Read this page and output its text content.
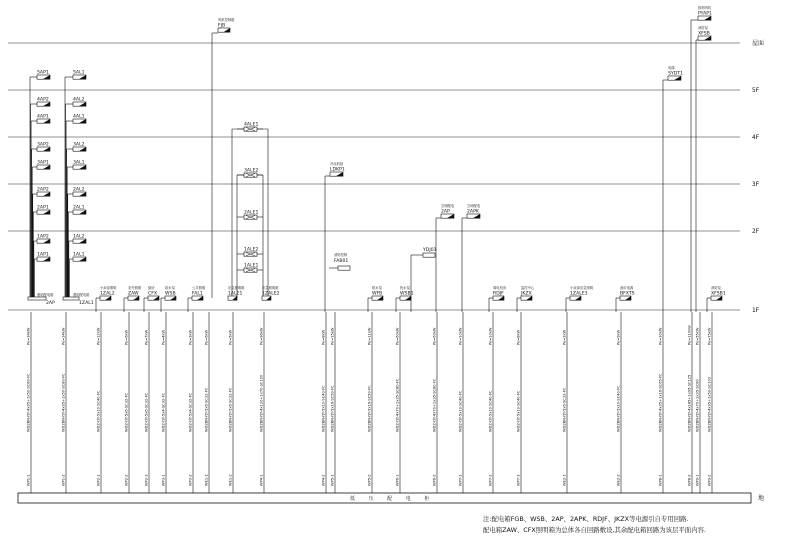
屋面
5F
4F
3F
2F
1F
5AP1
4AP2
4AP1
3AP2
3AP1
2AP2
2AP1
1AP2
1AP1
2AP
照明配电箱
5AL1
4AL2
4AL1
3AL2
3AL1
2AL2
2AL1
1AL2
1AL1
1ZAL1
照明配电箱
4ALE1
3ALE2
2ALE1
1ALE2
1ALE1
1ALE1	1ZALE2
应急照明箱
应急照明箱
FJB
风机控制箱
PYAP1
排烟风机
XFSB
消防泵
SYDT1
电梯
LDKP1
冷冻机组
2AP
空调配电
2APK
空调配电
YDJ01
FAB01
消防控制
1ZAL2
小卖部照明
ZAW
室外照明
CFX
厨房
WSB
给水泵
FAL1
公共照明
WFB
排水泵
WSB1
热水泵
RDJF
弱电机房
JKZX
监控中心
1ZALE3
小卖部应急照明
BFXTS
备用电源
XFSB1
消防泵
Pe=34kW
WDZBN-YJY-4x95+1x50-SC80-FC
WP1-1
Pe=34kW
WDZBN-YJY-4x95+1x50-SC80-FC
WP1-2
Pe=12kW
WDZ-YJY-5x10-SC40-FC
WP2-1
Pe=6kW
WDZ-YJY-5x6-SC32-FC
WP2-2
Pe=7kW
WDZ-YJY-5x6-SC32-FC
WP2-3
Pe=4kW
WDZ-YJY-5x4-SC32-FC
WP3-1
Pe=3kW
WDZ-YJY-5x4-SC32-FC
WP3-2
Pe=6kW
WDZBN-YJY-5x6-SC32-FC
WE1-1
Pe=5kW
WDZBN-YJY-5x6-SC32-FC
WE1-2
Pe=96kW
WDZBN-YJY-4x120+1x70-SC100
WP4-1
Pe=8kW
WDZBN-YJY-5x10-SC40-FC
WP4-2
Pe=15kW
WDZBN-YJY-5x16-SC50-FC
WP5-1
Pe=11kW
WDZBN-YJY-5x16-SC50-FC
WP5-2
Pe=60kW
WDZ-YJY-4x70+1x35-SC80-FC
WP6-1
Pe=60kW
WDZ-YJY-4x70+1x35-SC80-FC
WP6-2
Pe=10kW
WDZ-YJY-5x10-SC40-FC
WP7-1
Pe=10kW
WDZ-YJY-5x10-SC40-FC
WP7-2
Pe=8kW
WDZ-YJY-5x10-SC40-FC
WP7-3
Pe=2kW
WDZBN-YJY-5x6-SC32-FC
WE2-1
Pe=9kW
WDZBN-YJY-5x10-SC40-FC
WE2-2
Pe=30kW
WDZBN-YJY-4x35+1x16-SC65-FC
WP8-1
Pe=110kW
WDZBN-YJY-4x185+1x95-SC125
WP8-2
Pe=55kW
WDZBN-YJY-4x70+1x35-SC80
WP9-1
Pe=75kW
WDZBN-YJY-4x95+1x50-SC100
WP9-2
低 压 配 电 柜	地
注:配电箱FGB、WSB、2AP、2APK、RDJF、JKZX等电源引自专用回路.
配电箱ZAW、CFX照明箱为总体各自回路敷设,其余配电箱回路为该层平面内容.
